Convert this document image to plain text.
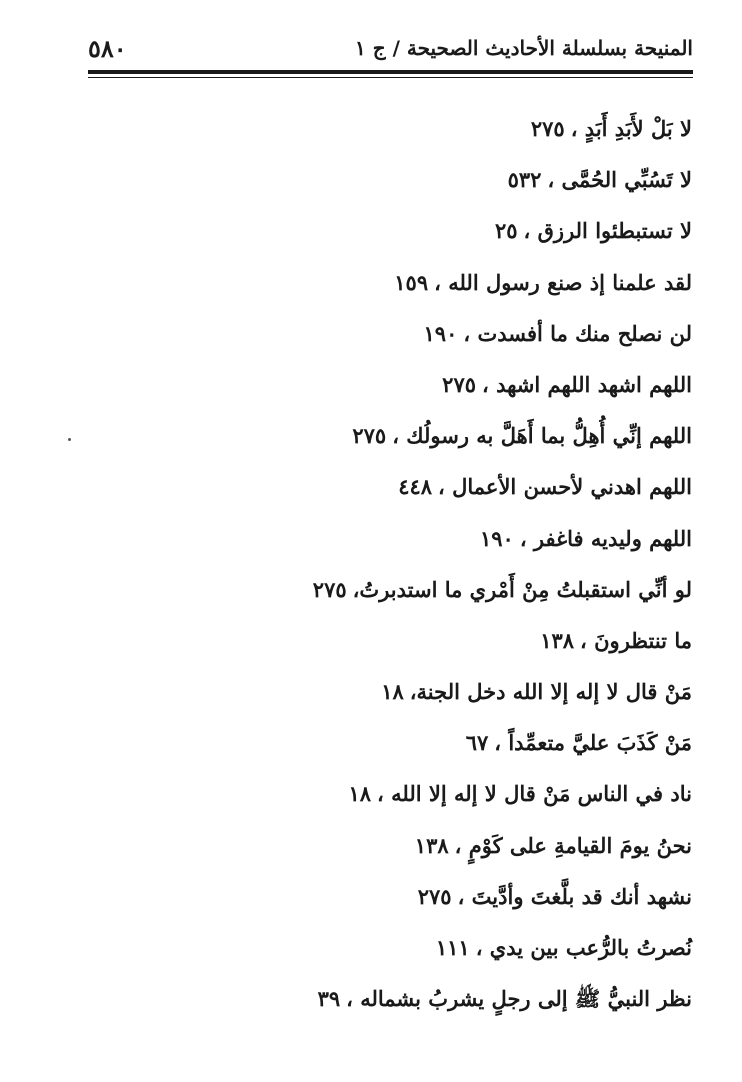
المنيحة بسلسلة الأحاديث الصحيحة / ج ١
٥٨٠
لا بَلْ لأَبَدِ أَبَدٍ ،٢٧٥
لا تَسُبِّي الحُمَّى ،٥٣٢
لا تستبطئوا الرزق ،٢٥
لقد علمنا إذ صنع رسول الله ،١٥٩
لن نصلح منك ما أفسدت ،١٩٠
اللهم اشهد اللهم اشهد ،٢٧٥
اللهم إنِّي أُهِلُّ بما أَهَلَّ به رسولُك ،٢٧٥
اللهم اهدني لأحسن الأعمال ،٤٤٨
اللهم وليديه فاغفر ،١٩٠
لو أنِّي استقبلتُ مِنْ أَمْري ما استدبرتُ،٢٧٥
ما تنتظرونَ ،١٣٨
مَنْ قال لا إله إلا الله دخل الجنة،١٨
مَنْ كَذَبَ عليَّ متعمِّداً ،٦٧
ناد في الناس مَنْ قال لا إله إلا الله ،١٨
نحنُ يومَ القيامةِ على كَوْمٍ ،١٣٨
نشهد أنك قد بلَّغتَ وأدَّيتَ ،٢٧٥
نُصرتُ بالرُّعب بين يدي ،١١١
نظر النبيُّ ﷺ إلى رجلٍ يشربُ بشماله ،٣٩
